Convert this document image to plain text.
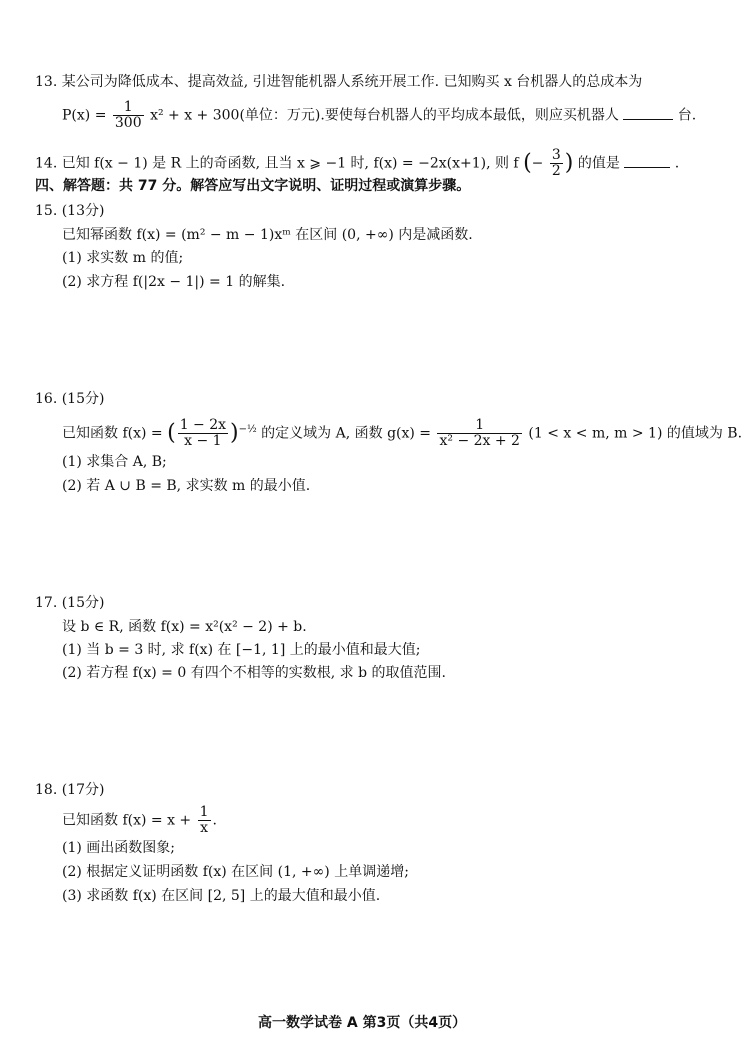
13. 某公司为降低成本、提高效益, 引进智能机器人系统开展工作. 已知购买 x 台机器人的总成本为
$P(x) = \frac{1}{300} x^2 + x + 300$(单位：万元).要使每台机器人的平均成本最低，则应买机器人	台.
14. 已知 f(x − 1) 是 R 上的奇函数, 且当 x ⩾ −1 时, f(x) = −2x(x+1), 则 f (− $\frac{3}{2}$ ) 的值是	.
四、解答题：共 77 分。解答应写出文字说明、证明过程或演算步骤。
15. (13分)
已知幂函数 f(x) = (m² − m − 1)xᵐ 在区间 (0, +∞) 内是减函数.
(1) 求实数 m 的值;
(2) 求方程 f(|2x − 1|) = 1 的解集.
16. (15分)
已知函数 f(x) = ( $\frac{1 - 2x}{x - 1} )^{-\frac{1}{2}}$ 的定义域为 A, 函数 $g(x) = \frac{1}{\text{x² − 2x + 2}} (1 < x < m$, m > 1) 的值域为 B.
(1) 求集合 A, B;
(2) 若 A ∪ B = B, 求实数 m 的最小值.
17. (15分)
设 b ∈ R, 函数 f(x) = x²(x² − 2) + b.
(1) 当 b = 3 时, 求 f(x) 在 [−1, 1] 上的最小值和最大值;
(2) 若方程 f(x) = 0 有四个不相等的实数根, 求 b 的取值范围.
18. (17分)
已知函数 $f(x) = x + \frac{1}{x}$ .
(1) 画出函数图象;
(2) 根据定义证明函数 f(x) 在区间 (1, +∞) 上单调递增;
(3) 求函数 f(x) 在区间 [2, 5] 上的最大值和最小值.
高一数学试卷 A 第3页（共4页）
